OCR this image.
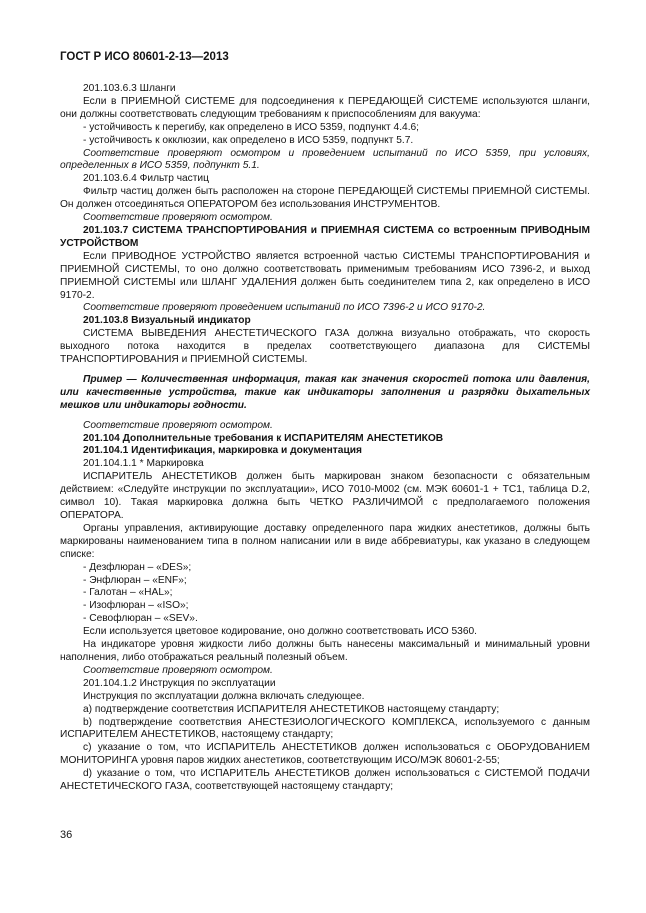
ГОСТ Р ИСО 80601-2-13—2013

201.103.6.3 Шланги

Если в ПРИЕМНОЙ СИСТЕМЕ для подсоединения к ПЕРЕДАЮЩЕЙ СИСТЕМЕ используются шланги, они должны соответствовать следующим требованиям к приспособлениям для вакуума:

- устойчивость к перегибу, как определено в ИСО 5359, подпункт 4.4.6;

- устойчивость к окклюзии, как определено в ИСО 5359, подпункт 5.7.

Соответствие проверяют осмотром и проведением испытаний по ИСО 5359, при условиях, определенных в ИСО 5359, подпункт 5.1.

201.103.6.4 Фильтр частиц

Фильтр частиц должен быть расположен на стороне ПЕРЕДАЮЩЕЙ СИСТЕМЫ ПРИЕМНОЙ СИСТЕМЫ. Он должен отсоединяться ОПЕРАТОРОМ без использования ИНСТРУМЕНТОВ.

Соответствие проверяют осмотром.

201.103.7 СИСТЕМА ТРАНСПОРТИРОВАНИЯ и ПРИЕМНАЯ СИСТЕМА со встроенным ПРИВОДНЫМ УСТРОЙСТВОМ

Если ПРИВОДНОЕ УСТРОЙСТВО является встроенной частью СИСТЕМЫ ТРАНСПОРТИРОВАНИЯ и ПРИЕМНОЙ СИСТЕМЫ, то оно должно соответствовать применимым требованиям ИСО 7396-2, и выход ПРИЕМНОЙ СИСТЕМЫ или ШЛАНГ УДАЛЕНИЯ должен быть соединителем типа 2, как определено в ИСО 9170-2.

Соответствие проверяют проведением испытаний по ИСО 7396-2 и ИСО 9170-2.

201.103.8 Визуальный индикатор

СИСТЕМА ВЫВЕДЕНИЯ АНЕСТЕТИЧЕСКОГО ГАЗА должна визуально отображать, что скорость выходного потока находится в пределах соответствующего диапазона для СИСТЕМЫ ТРАНСПОРТИРОВАНИЯ и ПРИЕМНОЙ СИСТЕМЫ.

Пример — Количественная информация, такая как значения скоростей потока или давления, или качественные устройства, такие как индикаторы заполнения и разрядки дыхательных мешков или индикаторы годности.

Соответствие проверяют осмотром.

201.104 Дополнительные требования к ИСПАРИТЕЛЯМ АНЕСТЕТИКОВ

201.104.1 Идентификация, маркировка и документация

201.104.1.1 * Маркировка

ИСПАРИТЕЛЬ АНЕСТЕТИКОВ должен быть маркирован знаком безопасности с обязательным действием: «Следуйте инструкции по эксплуатации», ИСО 7010-М002 (см. МЭК 60601-1 + ТС1, таблица D.2, символ 10). Такая маркировка должна быть ЧЕТКО РАЗЛИЧИМОЙ с предполагаемого положения ОПЕРАТОРА.

Органы управления, активирующие доставку определенного пара жидких анестетиков, должны быть маркированы наименованием типа в полном написании или в виде аббревиатуры, как указано в следующем списке:

- Дезфлюран – «DES»;

- Энфлюран – «ENF»;

- Галотан – «HAL»;

- Изофлюран – «ISO»;

- Севофлюран – «SEV».

Если используется цветовое кодирование, оно должно соответствовать ИСО 5360.

На индикаторе уровня жидкости либо должны быть нанесены максимальный и минимальный уровни наполнения, либо отображаться реальный полезный объем.

Соответствие проверяют осмотром.

201.104.1.2 Инструкция по эксплуатации

Инструкция по эксплуатации должна включать следующее.

а) подтверждение соответствия ИСПАРИТЕЛЯ АНЕСТЕТИКОВ настоящему стандарту;

b) подтверждение соответствия АНЕСТЕЗИОЛОГИЧЕСКОГО КОМПЛЕКСА, используемого с данным ИСПАРИТЕЛЕМ АНЕСТЕТИКОВ, настоящему стандарту;

с) указание о том, что ИСПАРИТЕЛЬ АНЕСТЕТИКОВ должен использоваться с ОБОРУДОВАНИЕМ МОНИТОРИНГА уровня паров жидких анестетиков, соответствующим ИСО/МЭК 80601-2-55;

d) указание о том, что ИСПАРИТЕЛЬ АНЕСТЕТИКОВ должен использоваться с СИСТЕМОЙ ПОДАЧИ АНЕСТЕТИЧЕСКОГО ГАЗА, соответствующей настоящему стандарту;

36
